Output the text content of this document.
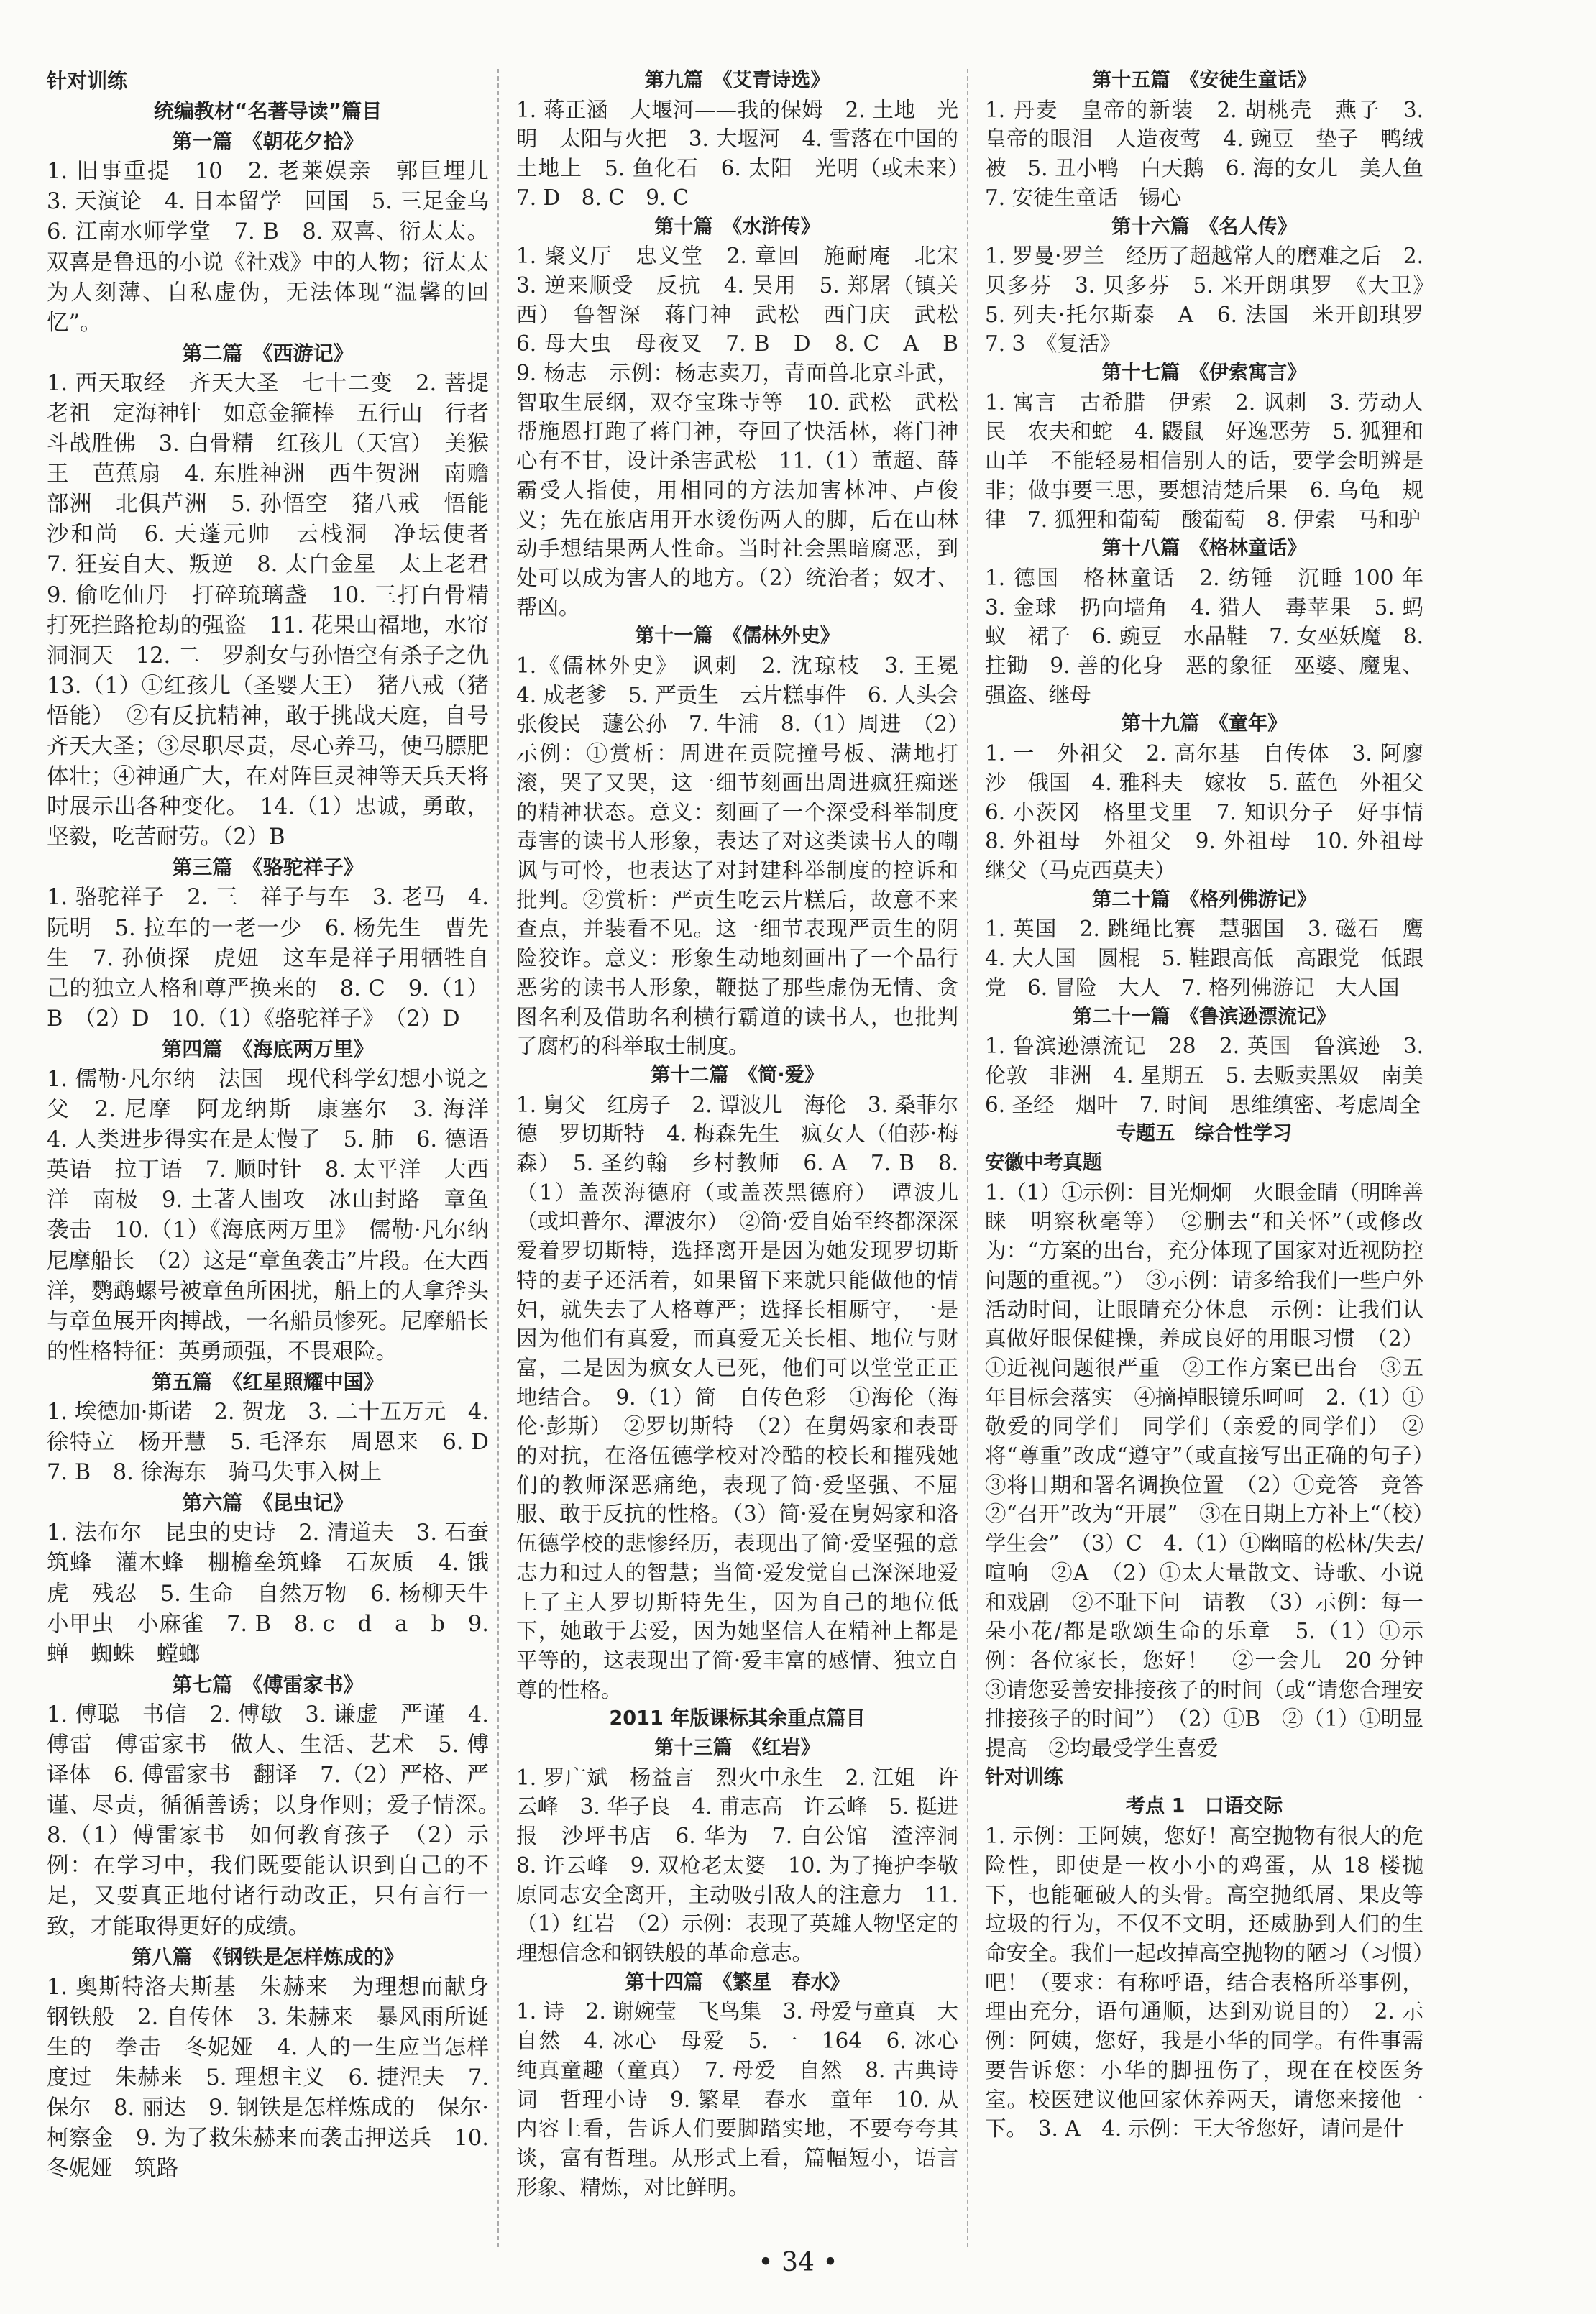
针对训练

统编教材“名著导读”篇目

第一篇　《朝花夕拾》

1. 旧事重提　10　2. 老莱娱亲　郭巨埋儿　3. 天演论　4. 日本留学　回国　5. 三足金乌　6. 江南水师学堂　7. B　8. 双喜、衍太太。双喜是鲁迅的小说《社戏》中的人物；衍太太为人刻薄、自私虚伪，无法体现“温馨的回忆”。

第二篇　《西游记》

1. 西天取经　齐天大圣　七十二变　2. 菩提老祖　定海神针　如意金箍棒　五行山　行者　斗战胜佛　3. 白骨精　红孩儿（天宫）　美猴王　芭蕉扇　4. 东胜神洲　西牛贺洲　南赡部洲　北俱芦洲　5. 孙悟空　猪八戒　悟能　沙和尚　6. 天蓬元帅　云栈洞　净坛使者　7. 狂妄自大、叛逆　8. 太白金星　太上老君　9. 偷吃仙丹　打碎琉璃盏　10. 三打白骨精　打死拦路抢劫的强盗　11. 花果山福地，水帘洞洞天　12. 二　罗刹女与孙悟空有杀子之仇　13.（1）①红孩儿（圣婴大王）　猪八戒（猪悟能）　②有反抗精神，敢于挑战天庭，自号齐天大圣；③尽职尽责，尽心养马，使马膘肥体壮；④神通广大，在对阵巨灵神等天兵天将时展示出各种变化。　14.（1）忠诚，勇敢，坚毅，吃苦耐劳。（2）B

第三篇　《骆驼祥子》

1. 骆驼祥子　2. 三　祥子与车　3. 老马　4. 阮明　5. 拉车的一老一少　6. 杨先生　曹先生　7. 孙侦探　虎妞　这车是祥子用牺牲自己的独立人格和尊严换来的　8. C　9.（1）B　（2）D　10.（1）《骆驼祥子》　（2）D

第四篇　《海底两万里》

1. 儒勒·凡尔纳　法国　现代科学幻想小说之父　2. 尼摩　阿龙纳斯　康塞尔　3. 海洋　4. 人类进步得实在是太慢了　5. 肺　6. 德语　英语　拉丁语　7. 顺时针　8. 太平洋　大西洋　南极　9. 土著人围攻　冰山封路　章鱼袭击　10.（1）《海底两万里》　儒勒·凡尔纳　尼摩船长　（2）这是“章鱼袭击”片段。在大西洋，鹦鹉螺号被章鱼所困扰，船上的人拿斧头与章鱼展开肉搏战，一名船员惨死。尼摩船长的性格特征：英勇顽强，不畏艰险。

第五篇　《红星照耀中国》

1. 埃德加·斯诺　2. 贺龙　3. 二十五万元　4. 徐特立　杨开慧　5. 毛泽东　周恩来　6. D　7. B　8. 徐海东　骑马失事入树上

第六篇　《昆虫记》

1. 法布尔　昆虫的史诗　2. 清道夫　3. 石蚕筑蜂　灌木蜂　棚檐垒筑蜂　石灰质　4. 饿虎　残忍　5. 生命　自然万物　6. 杨柳天牛　小甲虫　小麻雀　7. B　8. c　d　a　b　9. 蝉　蜘蛛　螳螂

第七篇　《傅雷家书》

1. 傅聪　书信　2. 傅敏　3. 谦虚　严谨　4. 傅雷　傅雷家书　做人、生活、艺术　5. 傅译体　6. 傅雷家书　翻译　7.（2）严格、严谨、尽责，循循善诱；以身作则；爱子情深。　8.（1）傅雷家书　如何教育孩子　（2）示例：在学习中，我们既要能认识到自己的不足，又要真正地付诸行动改正，只有言行一致，才能取得更好的成绩。

第八篇　《钢铁是怎样炼成的》

1. 奥斯特洛夫斯基　朱赫来　为理想而献身　钢铁般　2. 自传体　3. 朱赫来　暴风雨所诞生的　拳击　冬妮娅　4. 人的一生应当怎样度过　朱赫来　5. 理想主义　6. 捷涅夫　7. 保尔　8. 丽达　9. 钢铁是怎样炼成的　保尔·柯察金　9. 为了救朱赫来而袭击押送兵　10. 冬妮娅　筑路

第九篇　《艾青诗选》

1. 蒋正涵　大堰河——我的保姆　2. 土地　光明　太阳与火把　3. 大堰河　4. 雪落在中国的土地上　5. 鱼化石　6. 太阳　光明（或未来）　7. D　8. C　9. C

第十篇　《水浒传》

1. 聚义厅　忠义堂　2. 章回　施耐庵　北宋　3. 逆来顺受　反抗　4. 吴用　5. 郑屠（镇关西）　鲁智深　蒋门神　武松　西门庆　武松　6. 母大虫　母夜叉　7. B　D　8. C　A　B　9. 杨志　示例：杨志卖刀，青面兽北京斗武，智取生辰纲，双夺宝珠寺等　10. 武松　武松帮施恩打跑了蒋门神，夺回了快活林，蒋门神心有不甘，设计杀害武松　11.（1）董超、薛霸受人指使，用相同的方法加害林冲、卢俊义；先在旅店用开水烫伤两人的脚，后在山林动手想结果两人性命。当时社会黑暗腐恶，到处可以成为害人的地方。（2）统治者；奴才、帮凶。

第十一篇　《儒林外史》

1.《儒林外史》　讽刺　2. 沈琼枝　3. 王冕　4. 成老爹　5. 严贡生　云片糕事件　6. 人头会　张俊民　蘧公孙　7. 牛浦　8.（1）周进　（2）示例：①赏析：周进在贡院撞号板、满地打滚，哭了又哭，这一细节刻画出周进疯狂痴迷的精神状态。意义：刻画了一个深受科举制度毒害的读书人形象，表达了对这类读书人的嘲讽与可怜，也表达了对封建科举制度的控诉和批判。②赏析：严贡生吃云片糕后，故意不来查点，并装看不见。这一细节表现严贡生的阴险狡诈。意义：形象生动地刻画出了一个品行恶劣的读书人形象，鞭挞了那些虚伪无情、贪图名利及借助名利横行霸道的读书人，也批判了腐朽的科举取士制度。

第十二篇　《简·爱》

1. 舅父　红房子　2. 谭波儿　海伦　3. 桑菲尔德　罗切斯特　4. 梅森先生　疯女人（伯莎·梅森）　5. 圣约翰　乡村教师　6. A　7. B　8.（1）盖茨海德府（或盖茨黑德府）　谭波儿（或坦普尔、潭波尔）　②简·爱自始至终都深深爱着罗切斯特，选择离开是因为她发现罗切斯特的妻子还活着，如果留下来就只能做他的情妇，就失去了人格尊严；选择长相厮守，一是因为他们有真爱，而真爱无关长相、地位与财富，二是因为疯女人已死，他们可以堂堂正正地结合。　9.（1）简　自传色彩　①海伦（海伦·彭斯）　②罗切斯特　（2）在舅妈家和表哥的对抗，在洛伍德学校对冷酷的校长和摧残她们的教师深恶痛绝，表现了简·爱坚强、不屈服、敢于反抗的性格。（3）简·爱在舅妈家和洛伍德学校的悲惨经历，表现出了简·爱坚强的意志力和过人的智慧；当简·爱发觉自己深深地爱上了主人罗切斯特先生，因为自己的地位低下，她敢于去爱，因为她坚信人在精神上都是平等的，这表现出了简·爱丰富的感情、独立自尊的性格。

2011 年版课标其余重点篇目

第十三篇　《红岩》

1. 罗广斌　杨益言　烈火中永生　2. 江姐　许云峰　3. 华子良　4. 甫志高　许云峰　5. 挺进报　沙坪书店　6. 华为　7. 白公馆　渣滓洞　8. 许云峰　9. 双枪老太婆　10. 为了掩护李敬原同志安全离开，主动吸引敌人的注意力　11.（1）红岩　（2）示例：表现了英雄人物坚定的理想信念和钢铁般的革命意志。

第十四篇　《繁星　春水》

1. 诗　2. 谢婉莹　飞鸟集　3. 母爱与童真　大自然　4. 冰心　母爱　5. 一　164　6. 冰心　纯真童趣（童真）　7. 母爱　自然　8. 古典诗词　哲理小诗　9. 繁星　春水　童年　10. 从内容上看，告诉人们要脚踏实地，不要夸夸其谈，富有哲理。从形式上看，篇幅短小，语言形象、精炼，对比鲜明。

第十五篇　《安徒生童话》

1. 丹麦　皇帝的新装　2. 胡桃壳　燕子　3. 皇帝的眼泪　人造夜莺　4. 豌豆　垫子　鸭绒被　5. 丑小鸭　白天鹅　6. 海的女儿　美人鱼　7. 安徒生童话　锡心

第十六篇　《名人传》

1. 罗曼·罗兰　经历了超越常人的磨难之后　2. 贝多芬　3. 贝多芬　5. 米开朗琪罗　《大卫》　5. 列夫·托尔斯泰　A　6. 法国　米开朗琪罗　7. 3　《复活》

第十七篇　《伊索寓言》

1. 寓言　古希腊　伊索　2. 讽刺　3. 劳动人民　农夫和蛇　4. 鼹鼠　好逸恶劳　5. 狐狸和山羊　不能轻易相信别人的话，要学会明辨是非；做事要三思，要想清楚后果　6. 乌龟　规律　7. 狐狸和葡萄　酸葡萄　8. 伊索　马和驴

第十八篇　《格林童话》

1. 德国　格林童话　2. 纺锤　沉睡 100 年　3. 金球　扔向墙角　4. 猎人　毒苹果　5. 蚂蚁　裙子　6. 豌豆　水晶鞋　7. 女巫妖魔　8. 拄锄　9. 善的化身　恶的象征　巫婆、魔鬼、强盗、继母

第十九篇　《童年》

1. 一　外祖父　2. 高尔基　自传体　3. 阿廖沙　俄国　4. 雅科夫　嫁妆　5. 蓝色　外祖父　6. 小茨冈　格里戈里　7. 知识分子　好事情　8. 外祖母　外祖父　9. 外祖母　10. 外祖母　继父（马克西莫夫）

第二十篇　《格列佛游记》

1. 英国　2. 跳绳比赛　慧骃国　3. 磁石　鹰　4. 大人国　圆棍　5. 鞋跟高低　高跟党　低跟党　6. 冒险　大人　7. 格列佛游记　大人国

第二十一篇　《鲁滨逊漂流记》

1. 鲁滨逊漂流记　28　2. 英国　鲁滨逊　3. 伦敦　非洲　4. 星期五　5. 去贩卖黑奴　南美　6. 圣经　烟叶　7. 时间　思维缜密、考虑周全

专题五　综合性学习

安徽中考真题

1.（1）①示例：目光炯炯　火眼金睛（明眸善睐　明察秋毫等）　②删去“和关怀”（或修改为：“方案的出台，充分体现了国家对近视防控问题的重视。”）　③示例：请多给我们一些户外活动时间，让眼睛充分休息　示例：让我们认真做好眼保健操，养成良好的用眼习惯　（2）①近视问题很严重　②工作方案已出台　③五年目标会落实　④摘掉眼镜乐呵呵　2.（1）①敬爱的同学们　同学们（亲爱的同学们）　②将“尊重”改成“遵守”（或直接写出正确的句子）　③将日期和署名调换位置　（2）①竞答　竞答　②“召开”改为“开展”　③在日期上方补上“（校）学生会”　（3）C　4.（1）①幽暗的松林/失去/喧响　②A　（2）①太大量散文、诗歌、小说和戏剧　②不耻下问　请教　（3）示例：每一朵小花/都是歌颂生命的乐章　5.（1）①示例：各位家长，您好！　②一会儿　20 分钟　③请您妥善安排接孩子的时间（或“请您合理安排接孩子的时间”）　（2）①B　②（1）①明显提高　②均最受学生喜爱

针对训练

考点 1　口语交际

1. 示例：王阿姨，您好！高空抛物有很大的危险性，即使是一枚小小的鸡蛋，从 18 楼抛下，也能砸破人的头骨。高空抛纸屑、果皮等垃圾的行为，不仅不文明，还威胁到人们的生命安全。我们一起改掉高空抛物的陋习（习惯）吧！（要求：有称呼语，结合表格所举事例，理由充分，语句通顺，达到劝说目的）　2. 示例：阿姨，您好，我是小华的同学。有件事需要告诉您：小华的脚扭伤了，现在在校医务室。校医建议他回家休养两天，请您来接他一下。　3. A　4. 示例：王大爷您好，请问是什

• 34 •
